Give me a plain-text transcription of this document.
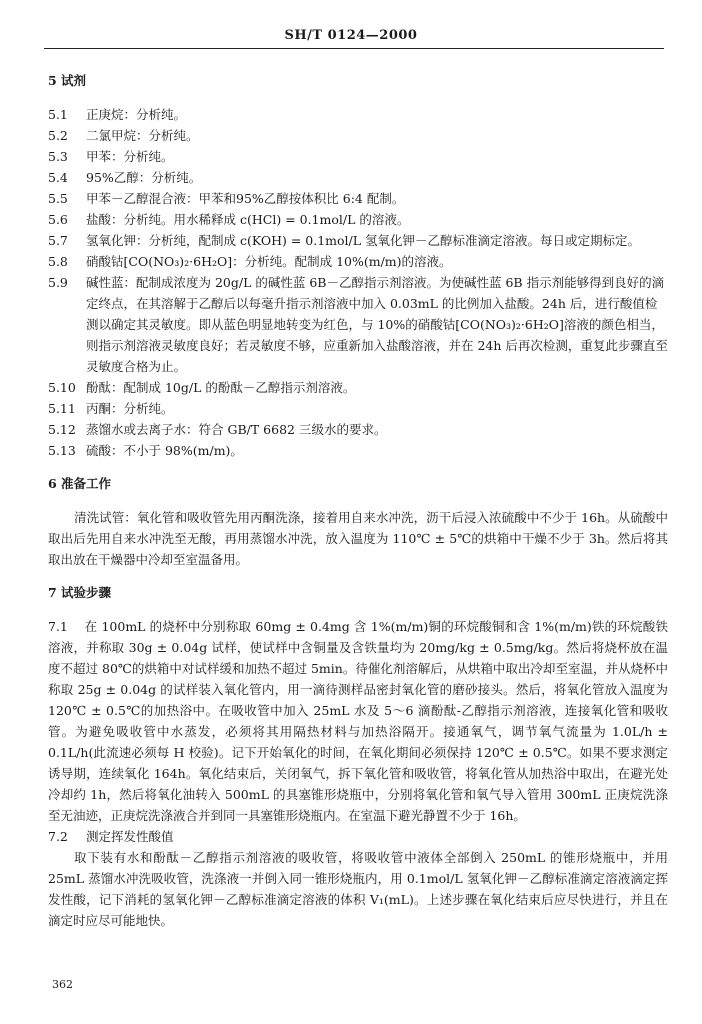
SH/T 0124—2000
5 试剂
5.1	正庚烷：分析纯。
5.2	二氯甲烷：分析纯。
5.3	甲苯：分析纯。
5.4	95%乙醇：分析纯。
5.5	甲苯－乙醇混合液：甲苯和95%乙醇按体积比 6:4 配制。
5.6	盐酸：分析纯。用水稀释成 c(HCl) = 0.1mol/L 的溶液。
5.7	氢氧化钾：分析纯，配制成 c(KOH) = 0.1mol/L 氢氧化钾－乙醇标准滴定溶液。每日或定期标定。
5.8	硝酸钴[CO(NO₃)₂·6H₂O]：分析纯。配制成 10%(m/m)的溶液。
5.9	碱性蓝：配制成浓度为 20g/L 的碱性蓝 6B－乙醇指示剂溶液。为使碱性蓝 6B 指示剂能够得到良好的滴定终点，在其溶解于乙醇后以每毫升指示剂溶液中加入 0.03mL 的比例加入盐酸。24h 后，进行酸值检测以确定其灵敏度。即从蓝色明显地转变为红色，与 10%的硝酸钴[CO(NO₃)₂·6H₂O]溶液的颜色相当，则指示剂溶液灵敏度良好；若灵敏度不够，应重新加入盐酸溶液，并在 24h 后再次检测，重复此步骤直至灵敏度合格为止。
5.10 酚酞：配制成 10g/L 的酚酞－乙醇指示剂溶液。
5.11 丙酮：分析纯。
5.12 蒸馏水或去离子水：符合 GB/T 6682 三级水的要求。
5.13 硫酸：不小于 98%(m/m)。
6 准备工作
清洗试管：氧化管和吸收管先用丙酮洗涤，接着用自来水冲洗，沥干后浸入浓硫酸中不少于 16h。从硫酸中取出后先用自来水冲洗至无酸，再用蒸馏水冲洗，放入温度为 110℃ ± 5℃的烘箱中干燥不少于 3h。然后将其取出放在干燥器中冷却至室温备用。
7 试验步骤
7.1 在 100mL 的烧杯中分别称取 60mg ± 0.4mg 含 1%(m/m)铜的环烷酸铜和含 1%(m/m)铁的环烷酸铁溶液，并称取 30g ± 0.04g 试样，使试样中含铜量及含铁量均为 20mg/kg ± 0.5mg/kg。然后将烧杯放在温度不超过 80℃的烘箱中对试样缓和加热不超过 5min。待催化剂溶解后，从烘箱中取出冷却至室温，并从烧杯中称取 25g ± 0.04g 的试样装入氧化管内，用一滴待测样品密封氧化管的磨砂接头。然后，将氧化管放入温度为 120℃ ± 0.5℃的加热浴中。在吸收管中加入 25mL 水及 5～6 滴酚酞-乙醇指示剂溶液，连接氧化管和吸收管。为避免吸收管中水蒸发，必须将其用隔热材料与加热浴隔开。接通氧气，调节氧气流量为 1.0L/h ± 0.1L/h(此流速必须每 H 校验)。记下开始氧化的时间，在氧化期间必须保持 120℃ ± 0.5℃。如果不要求测定诱导期，连续氧化 164h。氧化结束后，关闭氧气，拆下氧化管和吸收管，将氧化管从加热浴中取出，在避光处冷却约 1h，然后将氧化油转入 500mL 的具塞锥形烧瓶中，分别将氧化管和氧气导入管用 300mL 正庚烷洗涤至无油迹，正庚烷洗涤液合并到同一具塞锥形烧瓶内。在室温下避光静置不少于 16h。
7.2	测定挥发性酸值
取下装有水和酚酞－乙醇指示剂溶液的吸收管，将吸收管中液体全部倒入 250mL 的锥形烧瓶中，并用 25mL 蒸馏水冲洗吸收管，洗涤液一并倒入同一锥形烧瓶内，用 0.1mol/L 氢氧化钾－乙醇标准滴定溶液滴定挥发性酸，记下消耗的氢氧化钾－乙醇标准滴定溶液的体积 V₁(mL)。上述步骤在氧化结束后应尽快进行，并且在滴定时应尽可能地快。
362
